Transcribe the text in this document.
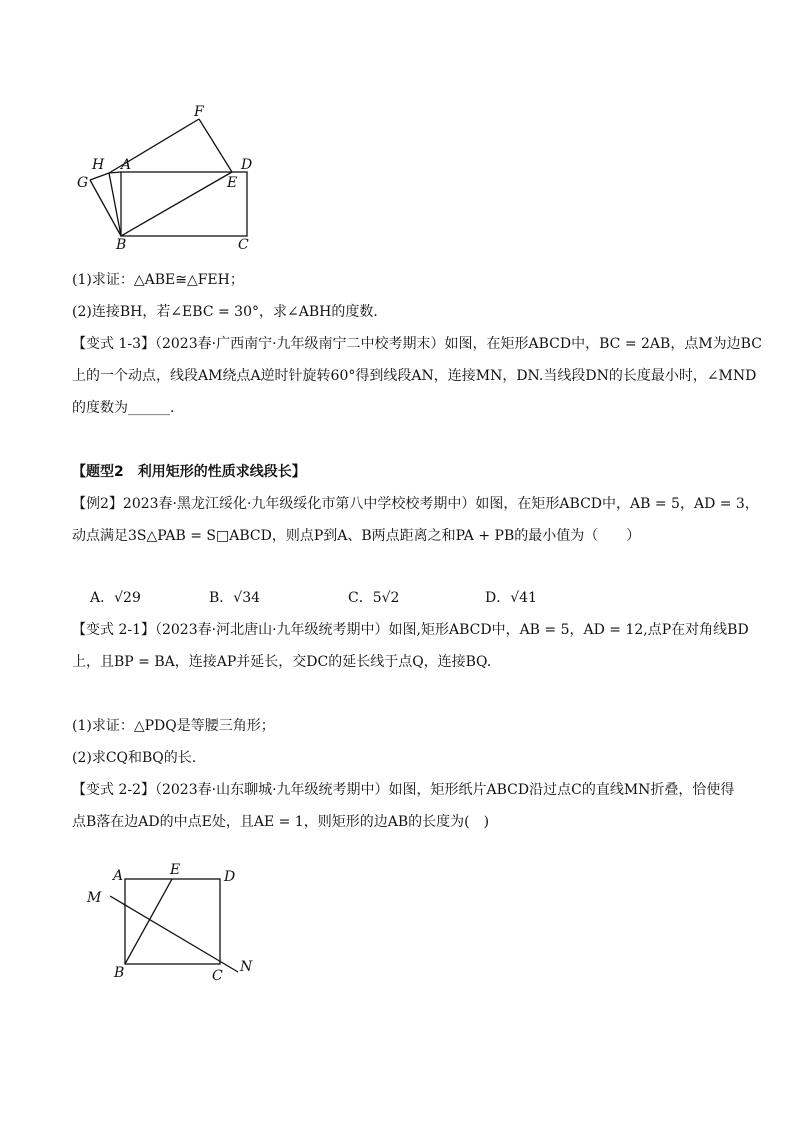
F
H A	D
G	E
B	C
(1)求证：△ABE≅△FEH；
(2)连接BH，若∠EBC = 30°，求∠ABH的度数．
【变式 1-3】（2023春·广西南宁·九年级南宁二中校考期末）如图，在矩形ABCD中，BC = 2AB，点M为边BC
上的一个动点，线段AM绕点A逆时针旋转60°得到线段AN，连接MN，DN.当线段DN的长度最小时，∠MND
的度数为______．
【题型2　利用矩形的性质求线段长】
【例2】2023春·黑龙江绥化·九年级绥化市第八中学校校考期中）如图，在矩形ABCD中，AB = 5，AD = 3，
动点满足3S△PAB = S□ABCD，则点P到A、B两点距离之和PA + PB的最小值为（　　）
A．√29	B．√34	C．5√2	D．√41
【变式 2-1】（2023春·河北唐山·九年级统考期中）如图,矩形ABCD中，AB = 5，AD = 12,点P在对角线BD
上，且BP = BA，连接AP并延长，交DC的延长线于点Q，连接BQ.
(1)求证：△PDQ是等腰三角形；
(2)求CQ和BQ的长．
【变式 2-2】（2023春·山东聊城·九年级统考期中）如图，矩形纸片ABCD沿过点C的直线MN折叠，恰使得
点B落在边AD的中点E处，且AE = 1，则矩形的边AB的长度为(　)
A	E	D
M
B	C
N
